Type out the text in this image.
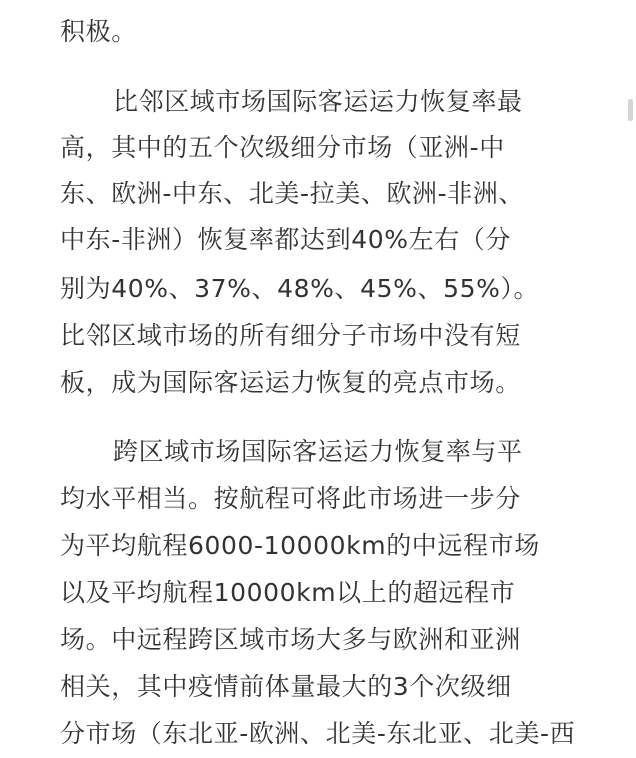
积极。
比邻区域市场国际客运运力恢复率最
高，其中的五个次级细分市场（亚洲-中
东、欧洲-中东、北美-拉美、欧洲-非洲、
中东-非洲）恢复率都达到40%左右（分
别为40%、37%、48%、45%、55%）。
比邻区域市场的所有细分子市场中没有短
板，成为国际客运运力恢复的亮点市场。
跨区域市场国际客运运力恢复率与平
均水平相当。按航程可将此市场进一步分
为平均航程6000-10000km的中远程市场
以及平均航程10000km以上的超远程市
场。中远程跨区域市场大多与欧洲和亚洲
相关，其中疫情前体量最大的3个次级细
分市场（东北亚-欧洲、北美-东北亚、北美-西
